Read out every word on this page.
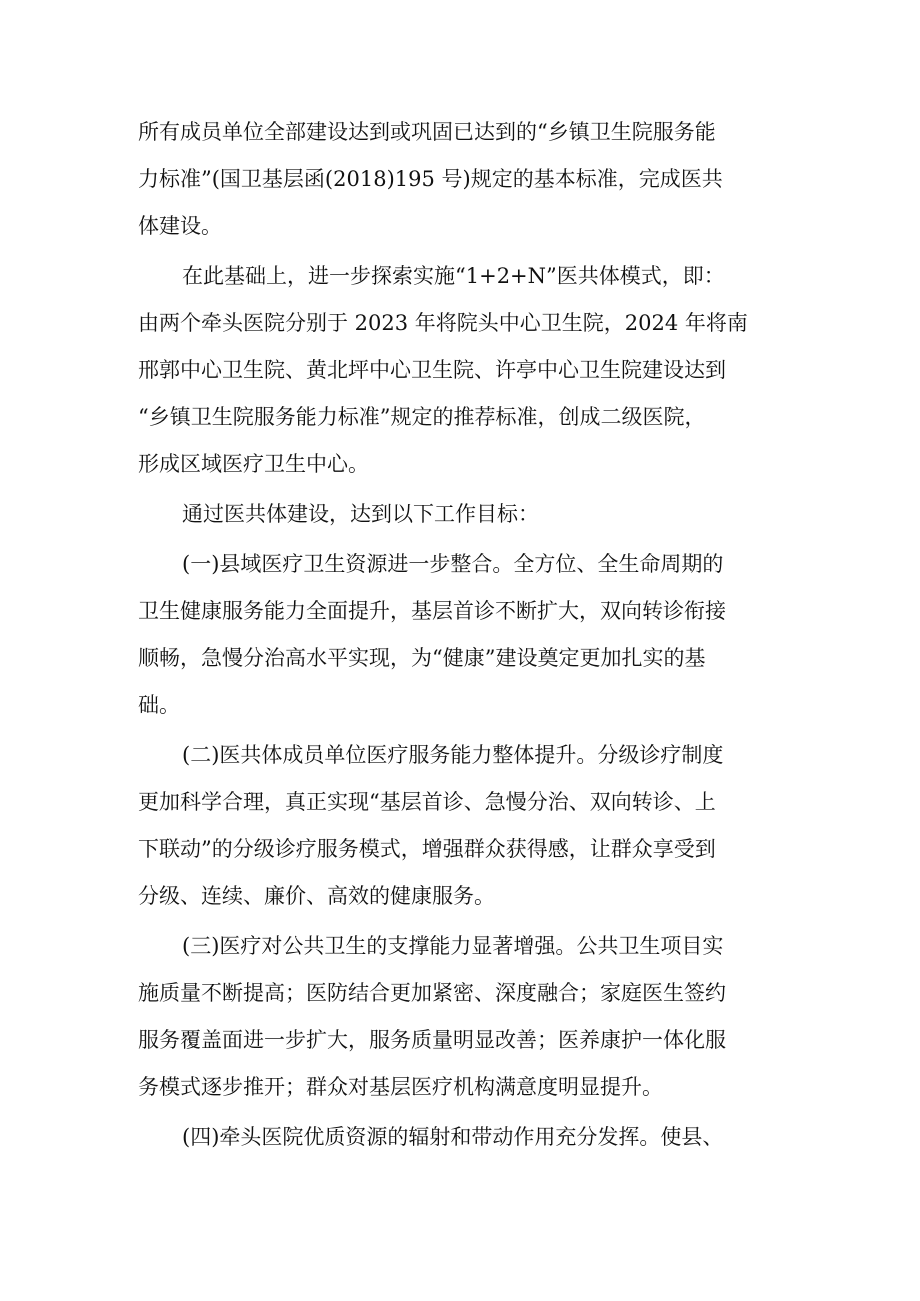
所有成员单位全部建设达到或巩固已达到的“乡镇卫生院服务能
力标准”(国卫基层函(2018)195 号)规定的基本标准，完成医共
体建设。
在此基础上，进一步探索实施“1+2+N”医共体模式，即：
由两个牵头医院分别于 2023 年将院头中心卫生院，2024 年将南
邢郭中心卫生院、黄北坪中心卫生院、许亭中心卫生院建设达到
“乡镇卫生院服务能力标准”规定的推荐标准，创成二级医院，
形成区域医疗卫生中心。
通过医共体建设，达到以下工作目标：
(一)县域医疗卫生资源进一步整合。全方位、全生命周期的
卫生健康服务能力全面提升，基层首诊不断扩大，双向转诊衔接
顺畅，急慢分治高水平实现，为“健康”建设奠定更加扎实的基
础。
(二)医共体成员单位医疗服务能力整体提升。分级诊疗制度
更加科学合理，真正实现“基层首诊、急慢分治、双向转诊、上
下联动”的分级诊疗服务模式，增强群众获得感，让群众享受到
分级、连续、廉价、高效的健康服务。
(三)医疗对公共卫生的支撑能力显著增强。公共卫生项目实
施质量不断提高；医防结合更加紧密、深度融合；家庭医生签约
服务覆盖面进一步扩大，服务质量明显改善；医养康护一体化服
务模式逐步推开；群众对基层医疗机构满意度明显提升。
(四)牵头医院优质资源的辐射和带动作用充分发挥。使县、
